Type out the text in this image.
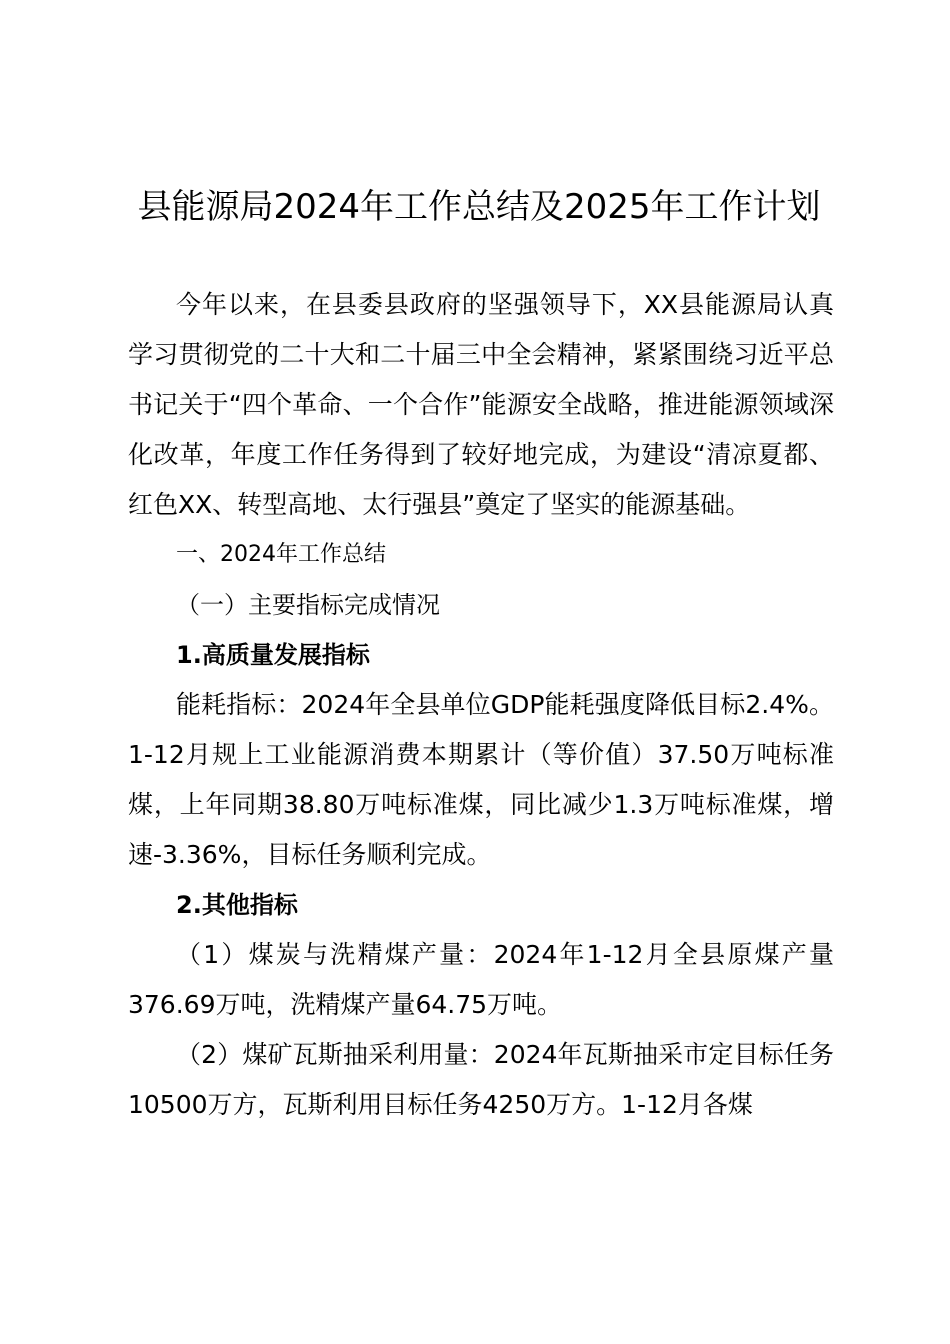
县能源局2024年工作总结及2025年工作计划

今年以来，在县委县政府的坚强领导下，XX县能源局认真学习贯彻党的二十大和二十届三中全会精神，紧紧围绕习近平总书记关于“四个革命、一个合作”能源安全战略，推进能源领域深化改革，年度工作任务得到了较好地完成，为建设“清凉夏都、红色XX、转型高地、太行强县”奠定了坚实的能源基础。

一、2024年工作总结

（一）主要指标完成情况

1.高质量发展指标

能耗指标：2024年全县单位GDP能耗强度降低目标2.4%。1-12月规上工业能源消费本期累计（等价值）37.50万吨标准煤，上年同期38.80万吨标准煤，同比减少1.3万吨标准煤，增速-3.36%，目标任务顺利完成。

2.其他指标

（1）煤炭与洗精煤产量：2024年1-12月全县原煤产量376.69万吨，洗精煤产量64.75万吨。

（2）煤矿瓦斯抽采利用量：2024年瓦斯抽采市定目标任务10500万方，瓦斯利用目标任务4250万方。1-12月各煤
